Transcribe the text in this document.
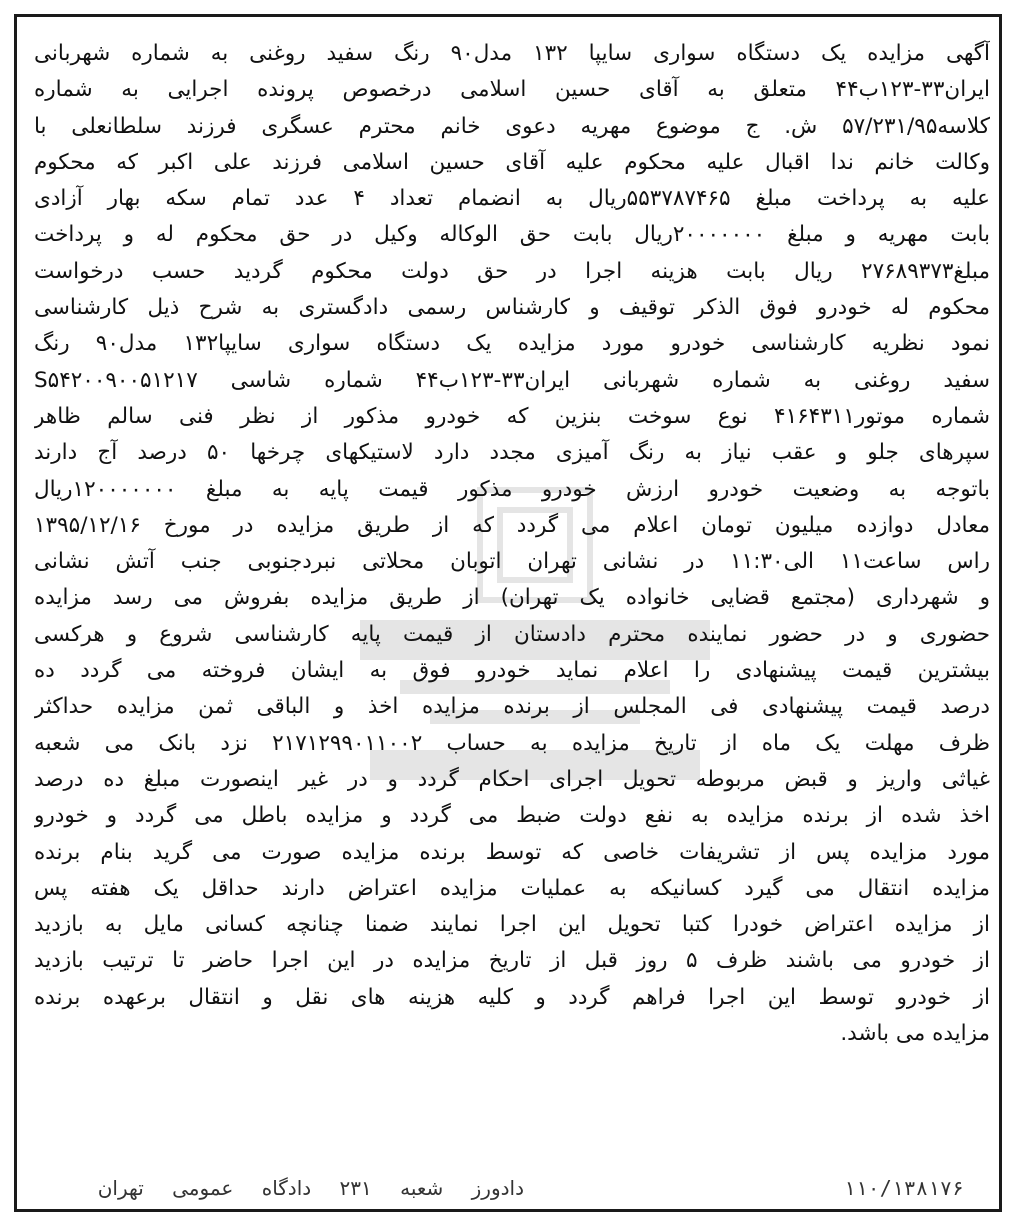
آگهی مزایده یک دستگاه سواری سایپا ۱۳۲ مدل۹۰ رنگ سفید روغنی به شماره شهربانی
ایران۳۳-۱۲۳ب۴۴ متعلق به آقای حسین اسلامی درخصوص پرونده اجرایی به شماره
کلاسه۵۷/۲۳۱/۹۵ ش. ج موضوع مهریه دعوی خانم محترم عسگری فرزند سلطانعلی با
وکالت خانم ندا اقبال علیه محکوم علیه آقای حسین اسلامی فرزند علی اکبر که محکوم
علیه به پرداخت مبلغ ۵۵۳۷۸۷۴۶۵ریال به انضمام تعداد ۴ عدد تمام سکه بهار آزادی
بابت مهریه و مبلغ ۲۰۰۰۰۰۰۰ریال بابت حق الوکاله وکیل در حق محکوم له و پرداخت
مبلغ۲۷۶۸۹۳۷۳ ریال بابت هزینه اجرا در حق دولت محکوم گردید حسب درخواست
محکوم له خودرو فوق الذکر توقیف و کارشناس رسمی دادگستری به شرح ذیل کارشناسی
نمود نظریه کارشناسی خودرو مورد مزایده یک دستگاه سواری سایپا۱۳۲ مدل۹۰ رنگ
سفید روغنی به شماره شهربانی ایران۳۳-۱۲۳ب۴۴ شماره شاسی S۵۴۲۰۰۹۰۰۵۱۲۱۷
شماره موتور۴۱۶۴۳۱۱ نوع سوخت بنزین که خودرو مذکور از نظر فنی سالم ظاهر
سپرهای جلو و عقب نیاز به رنگ آمیزی مجدد دارد لاستیکهای چرخها ۵۰ درصد آج دارند
باتوجه به وضعیت خودرو ارزش خودرو مذکور قیمت پایه به مبلغ ۱۲۰۰۰۰۰۰۰ریال
معادل دوازده میلیون تومان اعلام می گردد که از طریق مزایده در مورخ ۱۳۹۵/۱۲/۱۶
راس ساعت۱۱ الی۱۱:۳۰ در نشانی تهران اتوبان محلاتی نبردجنوبی جنب آتش نشانی
و شهرداری (مجتمع قضایی خانواده یک تهران) از طریق مزایده بفروش می رسد مزایده
حضوری و در حضور نماینده محترم دادستان از قیمت پایه کارشناسی شروع و هرکسی
بیشترین قیمت پیشنهادی را اعلام نماید خودرو فوق به ایشان فروخته می گردد ده
درصد قیمت پیشنهادی فی المجلس از برنده مزایده اخذ و الباقی ثمن مزایده حداکثر
ظرف مهلت یک ماه از تاریخ مزایده به حساب ۲۱۷۱۲۹۹۰۱۱۰۰۲ نزد بانک می شعبه
غیاثی واریز و قبض مربوطه تحویل اجرای احکام گردد و در غیر اینصورت مبلغ ده درصد
اخذ شده از برنده مزایده به نفع دولت ضبط می گردد و مزایده باطل می گردد و خودرو
مورد مزایده پس از تشریفات خاصی که توسط برنده مزایده صورت می گرید بنام برنده
مزایده انتقال می گیرد کسانیکه به عملیات مزایده اعتراض دارند حداقل یک هفته پس
از مزایده اعتراض خودرا کتبا تحویل این اجرا نمایند ضمنا چنانچه کسانی مایل به بازدید
از خودرو می باشند ظرف ۵ روز قبل از تاریخ مزایده در این اجرا حاضر تا ترتیب بازدید
از خودرو توسط این اجرا فراهم گردد و کلیه هزینه های نقل و انتقال برعهده برنده
مزایده می باشد.
دادورز شعبه ۲۳۱ دادگاه عمومی تهران	۱۱۰/۱۳۸۱۷۶
